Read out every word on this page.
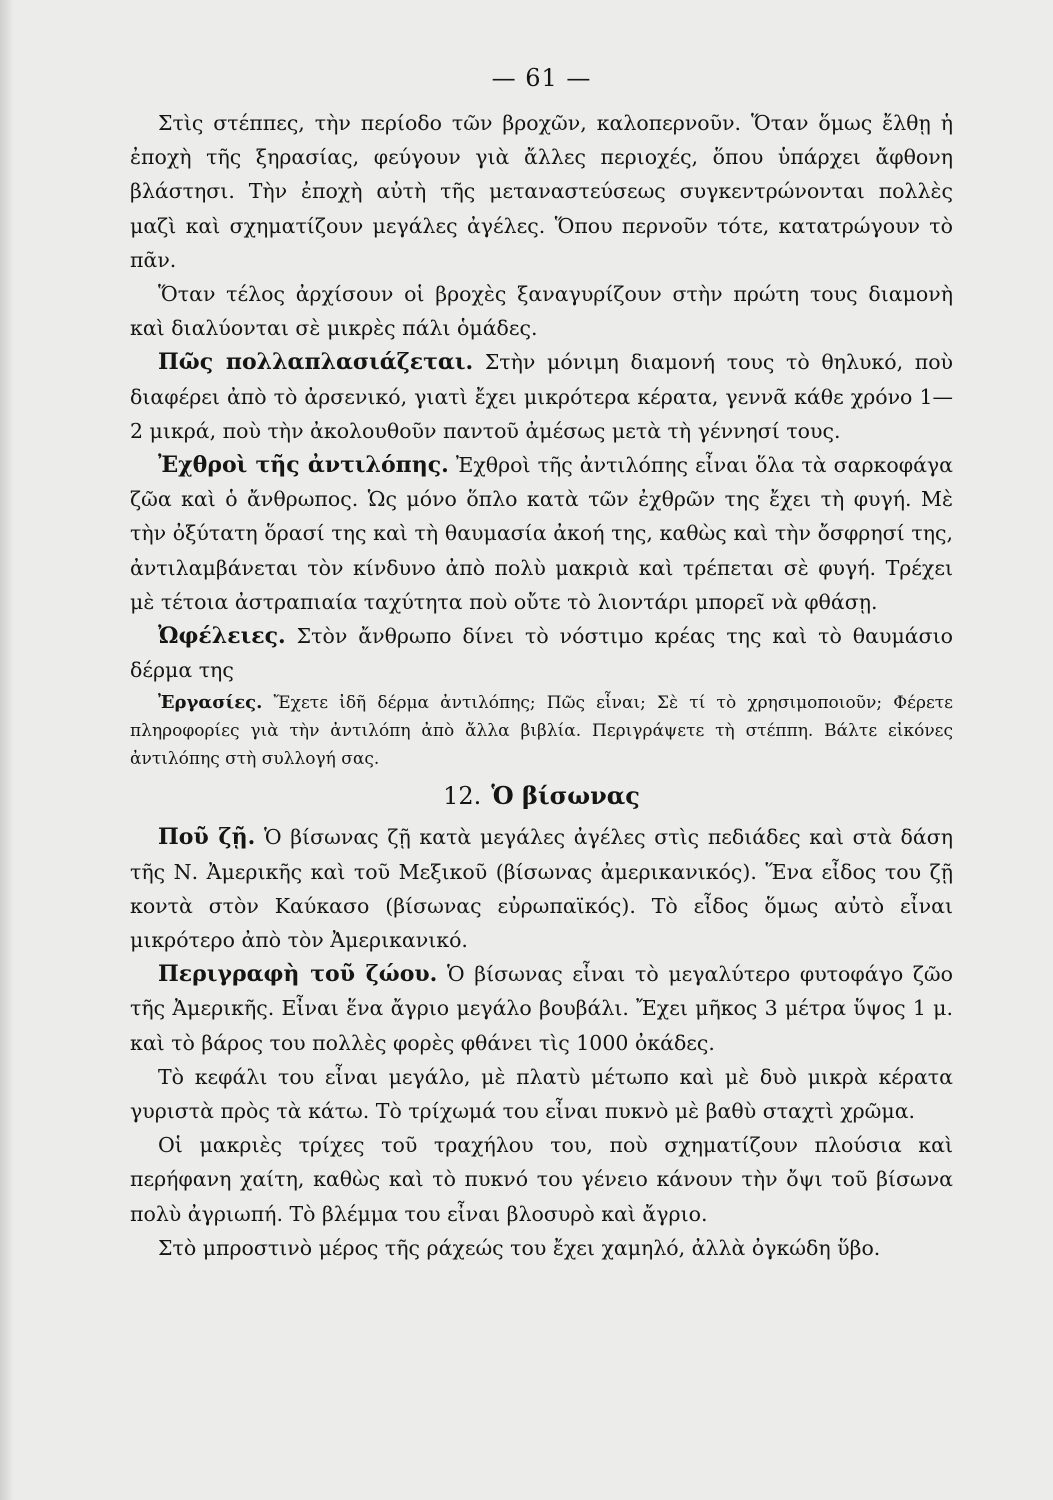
— 61 —

Στὶς στέππες, τὴν περίοδο τῶν βροχῶν, καλοπερνοῦν. Ὅταν ὅμως ἔλθῃ ἡ ἐποχὴ τῆς ξηρασίας, φεύγουν γιὰ ἄλλες περιοχές, ὅπου ὑπάρχει ἄφθονη βλάστησι. Τὴν ἐποχὴ αὐτὴ τῆς μεταναστεύσεως συγκεντρώνονται πολλὲς μαζὶ καὶ σχηματίζουν μεγάλες ἀγέλες. Ὅπου περνοῦν τότε, κατατρώγουν τὸ πᾶν.

Ὅταν τέλος ἀρχίσουν οἱ βροχὲς ξαναγυρίζουν στὴν πρώτη τους διαμονὴ καὶ διαλύονται σὲ μικρὲς πάλι ὁμάδες.

Πῶς πολλαπλασιάζεται. Στὴν μόνιμη διαμονή τους τὸ θηλυκό, ποὺ διαφέρει ἀπὸ τὸ ἀρσενικό, γιατὶ ἔχει μικρότερα κέρατα, γεννᾶ κάθε χρόνο 1—2 μικρά, ποὺ τὴν ἀκολουθοῦν παντοῦ ἀμέσως μετὰ τὴ γέννησί τους.

Ἐχθροὶ τῆς ἀντιλόπης. Ἐχθροὶ τῆς ἀντιλόπης εἶναι ὅλα τὰ σαρκοφάγα ζῶα καὶ ὁ ἄνθρωπος. Ὡς μόνο ὅπλο κατὰ τῶν ἐχθρῶν της ἔχει τὴ φυγή. Μὲ τὴν ὀξύτατη ὅρασί της καὶ τὴ θαυμασία ἀκοή της, καθὼς καὶ τὴν ὄσφρησί της, ἀντιλαμβάνεται τὸν κίνδυνο ἀπὸ πολὺ μακριὰ καὶ τρέπεται σὲ φυγή. Τρέχει μὲ τέτοια ἀστραπιαία ταχύτητα ποὺ οὔτε τὸ λιοντάρι μπορεῖ νὰ φθάσῃ.

Ὠφέλειες. Στὸν ἄνθρωπο δίνει τὸ νόστιμο κρέας της καὶ τὸ θαυμάσιο δέρμα της

Ἐργασίες. Ἔχετε ἰδῆ δέρμα ἀντιλόπης; Πῶς εἶναι; Σὲ τί τὸ χρησιμοποιοῦν; Φέρετε πληροφορίες γιὰ τὴν ἀντιλόπη ἀπὸ ἄλλα βιβλία. Περιγράψετε τὴ στέππη. Βάλτε εἰκόνες ἀντιλόπης στὴ συλλογή σας.

12. Ὁ βίσωνας

Ποῦ ζῇ. Ὁ βίσωνας ζῇ κατὰ μεγάλες ἀγέλες στὶς πεδιάδες καὶ στὰ δάση τῆς Ν. Ἀμερικῆς καὶ τοῦ Μεξικοῦ (βίσωνας ἀμερικανικός). Ἕνα εἶδος του ζῇ κοντὰ στὸν Καύκασο (βίσωνας εὐρωπαϊκός). Τὸ εἶδος ὅμως αὐτὸ εἶναι μικρότερο ἀπὸ τὸν Ἀμερικανικό.

Περιγραφὴ τοῦ ζώου. Ὁ βίσωνας εἶναι τὸ μεγαλύτερο φυτοφάγο ζῶο τῆς Ἀμερικῆς. Εἶναι ἕνα ἄγριο μεγάλο βουβάλι. Ἔχει μῆκος 3 μέτρα ὕψος 1 μ. καὶ τὸ βάρος του πολλὲς φορὲς φθάνει τὶς 1000 ὀκάδες.

Τὸ κεφάλι του εἶναι μεγάλο, μὲ πλατὺ μέτωπο καὶ μὲ δυὸ μικρὰ κέρατα γυριστὰ πρὸς τὰ κάτω. Τὸ τρίχωμά του εἶναι πυκνὸ μὲ βαθὺ σταχτὶ χρῶμα.

Οἱ μακριὲς τρίχες τοῦ τραχήλου του, ποὺ σχηματίζουν πλούσια καὶ περήφανη χαίτη, καθὼς καὶ τὸ πυκνό του γένειο κάνουν τὴν ὄψι τοῦ βίσωνα πολὺ ἀγριωπή. Τὸ βλέμμα του εἶναι βλοσυρὸ καὶ ἄγριο.

Στὸ μπροστινὸ μέρος τῆς ράχεώς του ἔχει χαμηλό, ἀλλὰ ὀγκώδη ὕβο.
